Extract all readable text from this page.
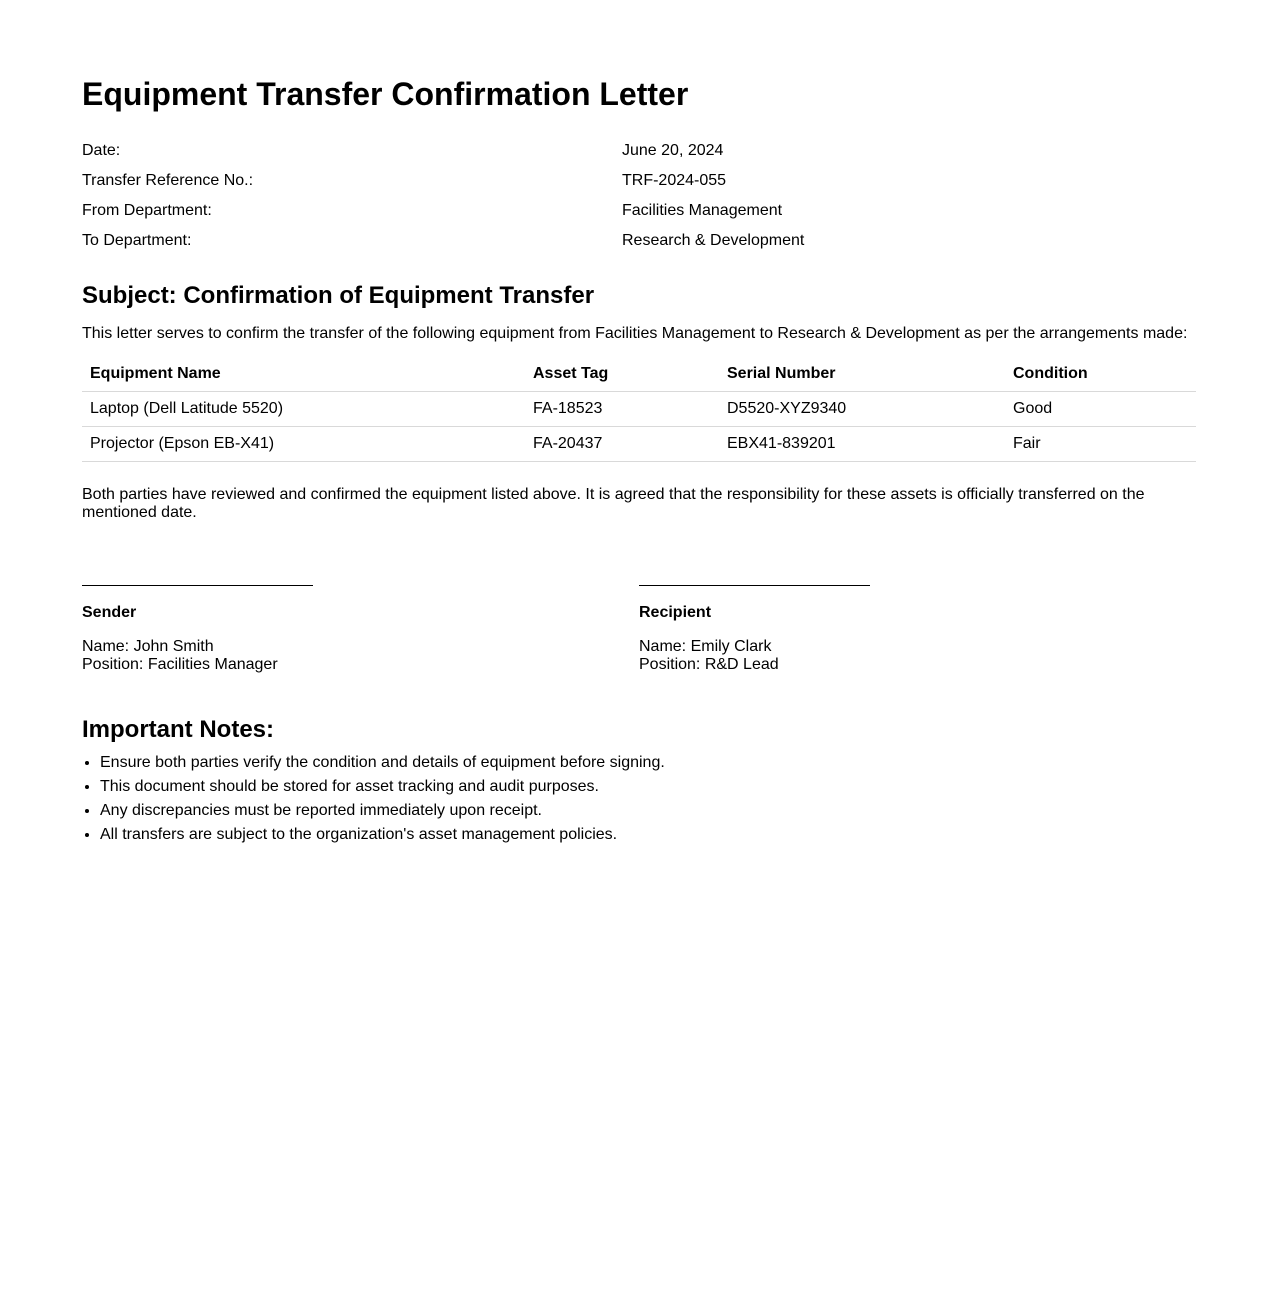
Equipment Transfer Confirmation Letter
Date:	June 20, 2024
Transfer Reference No.:	TRF-2024-055
From Department:	Facilities Management
To Department:	Research & Development
Subject: Confirmation of Equipment Transfer

This letter serves to confirm the transfer of the following equipment from Facilities Management to Research & Development as per the arrangements made:

Equipment Name	Asset Tag	Serial Number	Condition
Laptop (Dell Latitude 5520)	FA-18523	D5520-XYZ9340	Good
Projector (Epson EB-X41)	FA-20437	EBX41-839201	Fair

Both parties have reviewed and confirmed the equipment listed above. It is agreed that the responsibility for these assets is officially transferred on the mentioned date.

Sender
Name: John Smith
Position: Facilities Manager
Recipient
Name: Emily Clark
Position: R&D Lead
Important Notes:
• Ensure both parties verify the condition and details of equipment before signing.
• This document should be stored for asset tracking and audit purposes.
• Any discrepancies must be reported immediately upon receipt.
• All transfers are subject to the organization's asset management policies.
